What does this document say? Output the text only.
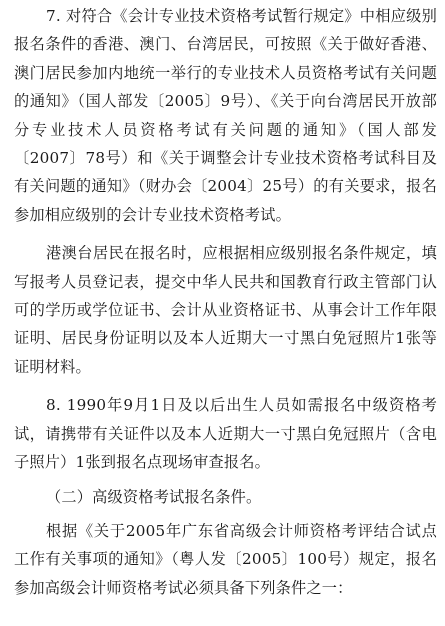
7. 对符合《会计专业技术资格考试暂行规定》中相应级别报名条件的香港、澳门、台湾居民，可按照《关于做好香港、澳门居民参加内地统一举行的专业技术人员资格考试有关问题的通知》（国人部发〔2005〕9号）、《关于向台湾居民开放部分专业技术人员资格考试有关问题的通知》（国人部发〔2007〕78号）和《关于调整会计专业技术资格考试科目及有关问题的通知》（财办会〔2004〕25号）的有关要求，报名参加相应级别的会计专业技术资格考试。

港澳台居民在报名时，应根据相应级别报名条件规定，填写报考人员登记表，提交中华人民共和国教育行政主管部门认可的学历或学位证书、会计从业资格证书、从事会计工作年限证明、居民身份证明以及本人近期大一寸黑白免冠照片1张等证明材料。

8. 1990年9月1日及以后出生人员如需报名中级资格考试，请携带有关证件以及本人近期大一寸黑白免冠照片（含电子照片）1张到报名点现场审查报名。

（二）高级资格考试报名条件。

根据《关于2005年广东省高级会计师资格考评结合试点工作有关事项的通知》（粤人发〔2005〕100号）规定，报名参加高级会计师资格考试必须具备下列条件之一：
